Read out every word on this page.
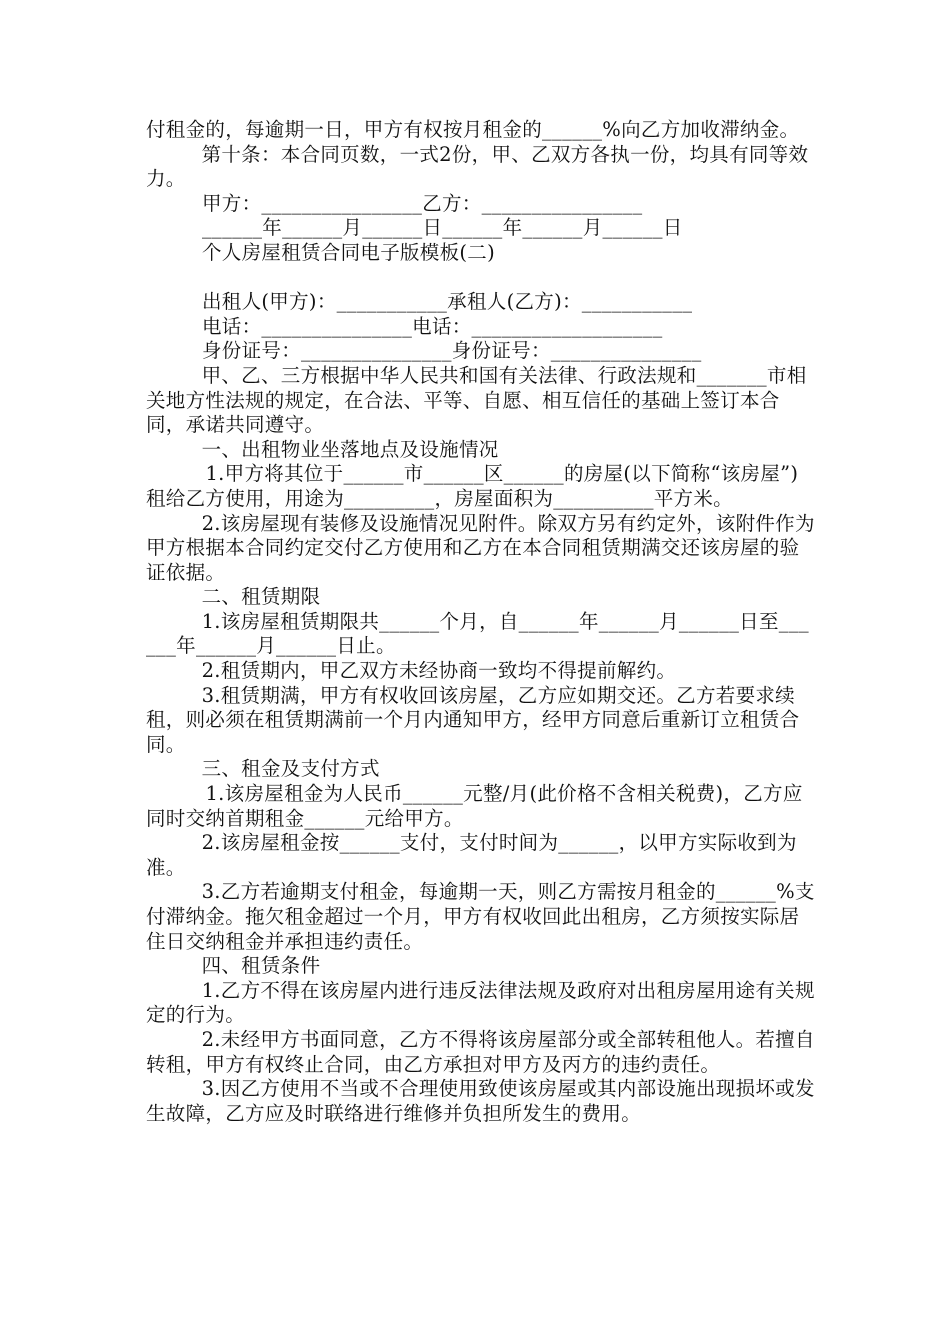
付租金的，每逾期一日，甲方有权按月租金的______%向乙方加收滞纳金。

第十条：本合同页数，一式2份，甲、乙双方各执一份，均具有同等效力。

甲方：________________乙方：________________
______年______月______日______年______月______日
个人房屋租赁合同电子版模板(二)
出租人(甲方)：___________承租人(乙方)：___________
电话：_______________电话：___________________
身份证号：_______________身份证号：_______________

甲、乙、三方根据中华人民共和国有关法律、行政法规和_______市相关地方性法规的规定，在合法、平等、自愿、相互信任的基础上签订本合同，承诺共同遵守。

一、出租物业坐落地点及设施情况

1.甲方将其位于______市______区______的房屋(以下简称“该房屋”)租给乙方使用，用途为_________，房屋面积为__________平方米。

2.该房屋现有装修及设施情况见附件。除双方另有约定外，该附件作为甲方根据本合同约定交付乙方使用和乙方在本合同租赁期满交还该房屋的验证依据。

二、租赁期限

1.该房屋租赁期限共______个月，自______年______月______日至______年______月______日止。

2.租赁期内，甲乙双方未经协商一致均不得提前解约。

3.租赁期满，甲方有权收回该房屋，乙方应如期交还。乙方若要求续租，则必须在租赁期满前一个月内通知甲方，经甲方同意后重新订立租赁合同。

三、租金及支付方式

1.该房屋租金为人民币______元整/月(此价格不含相关税费)，乙方应同时交纳首期租金______元给甲方。

2.该房屋租金按______支付，支付时间为______，以甲方实际收到为准。

3.乙方若逾期支付租金，每逾期一天，则乙方需按月租金的______%支付滞纳金。拖欠租金超过一个月，甲方有权收回此出租房，乙方须按实际居住日交纳租金并承担违约责任。

四、租赁条件

1.乙方不得在该房屋内进行违反法律法规及政府对出租房屋用途有关规定的行为。

2.未经甲方书面同意，乙方不得将该房屋部分或全部转租他人。若擅自转租，甲方有权终止合同，由乙方承担对甲方及丙方的违约责任。

3.因乙方使用不当或不合理使用致使该房屋或其内部设施出现损坏或发生故障，乙方应及时联络进行维修并负担所发生的费用。
